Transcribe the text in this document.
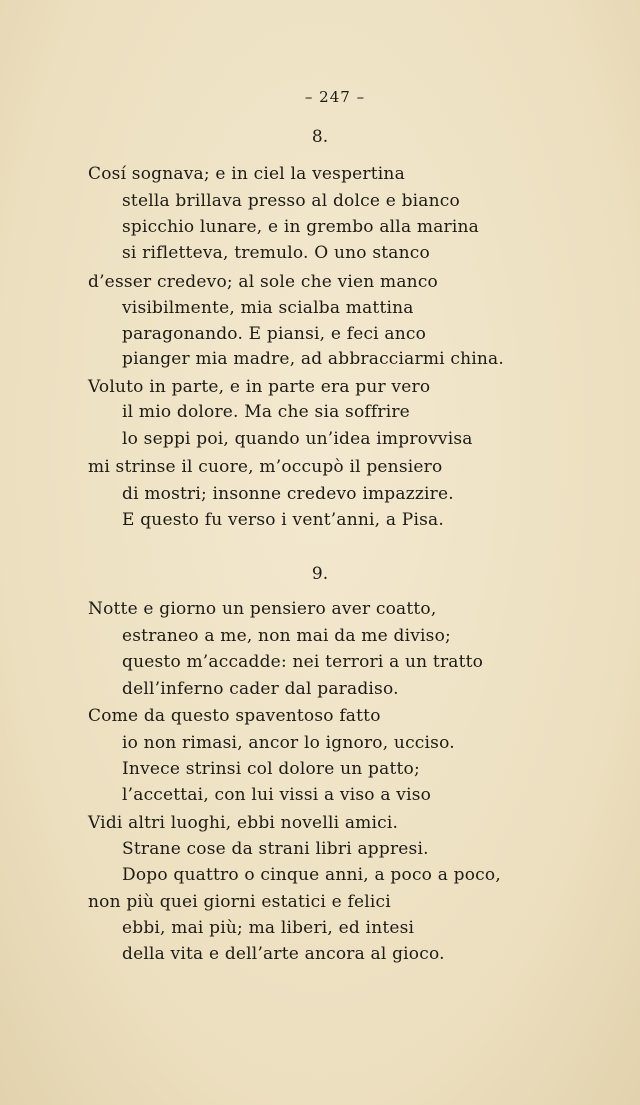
– 247 –
8.
Cosí sognava; e in ciel la vespertina
stella brillava presso al dolce e bianco
spicchio lunare, e in grembo alla marina
si rifletteva, tremulo. O uno stanco
d’esser credevo; al sole che vien manco
visibilmente, mia scialba mattina
paragonando. E piansi, e feci anco
pianger mia madre, ad abbracciarmi china.
Voluto in parte, e in parte era pur vero
il mio dolore. Ma che sia soffrire
lo seppi poi, quando un’idea improvvisa
mi strinse il cuore, m’occupò il pensiero
di mostri; insonne credevo impazzire.
E questo fu verso i vent’anni, a Pisa.
9.
Notte e giorno un pensiero aver coatto,
estraneo a me, non mai da me diviso;
questo m’accadde: nei terrori a un tratto
dell’inferno cader dal paradiso.
Come da questo spaventoso fatto
io non rimasi, ancor lo ignoro, ucciso.
Invece strinsi col dolore un patto;
l’accettai, con lui vissi a viso a viso
Vidi altri luoghi, ebbi novelli amici.
Strane cose da strani libri appresi.
Dopo quattro o cinque anni, a poco a poco,
non più quei giorni estatici e felici
ebbi, mai più; ma liberi, ed intesi
della vita e dell’arte ancora al gioco.
